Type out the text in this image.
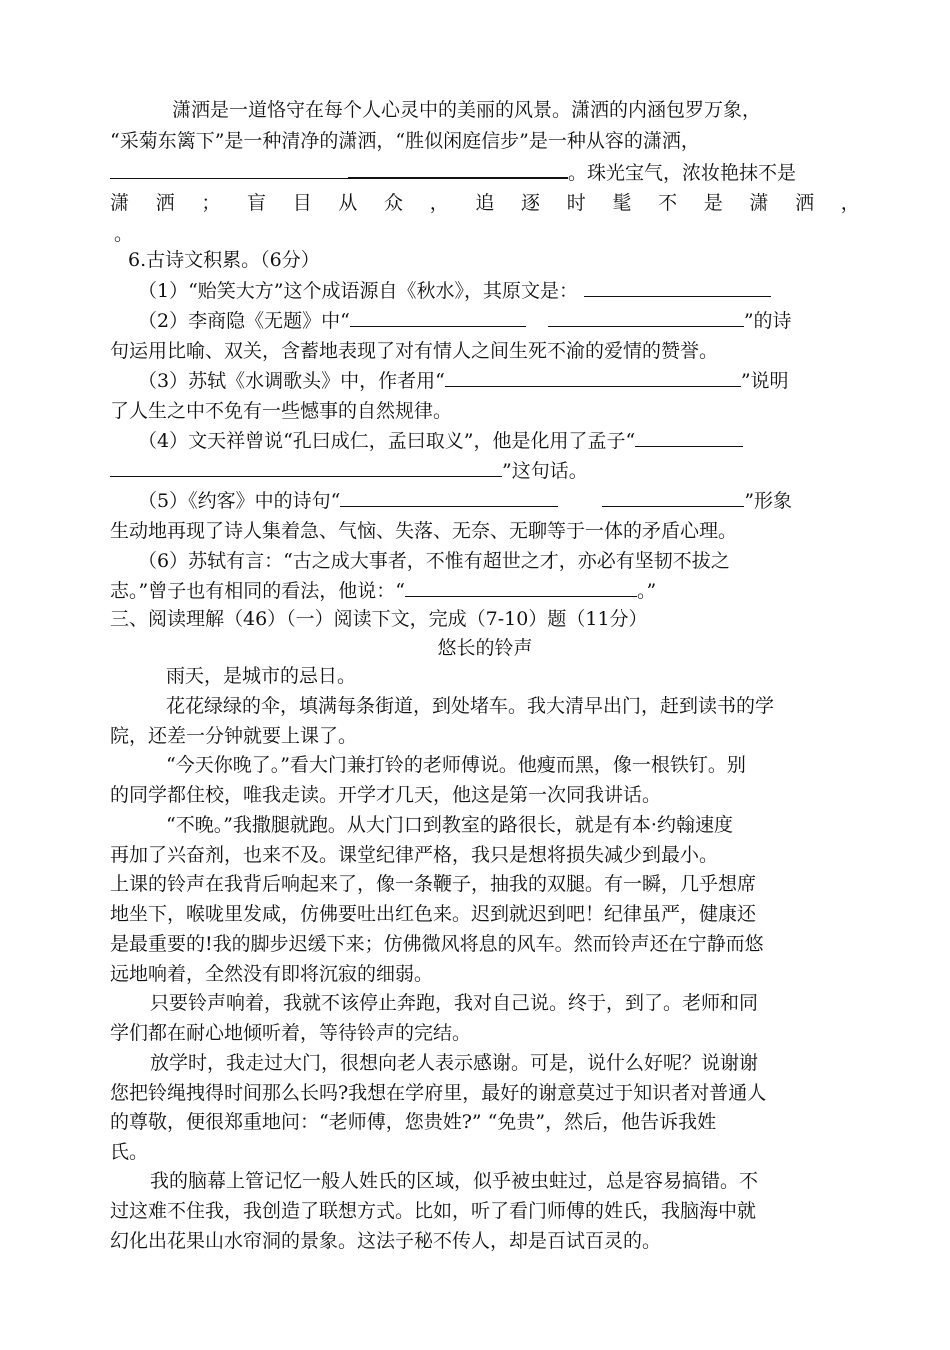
潇洒是一道恪守在每个人心灵中的美丽的风景。潇洒的内涵包罗万象，
“采菊东篱下”是一种清净的潇洒，“胜似闲庭信步”是一种从容的潇洒，
。珠光宝气，浓妆艳抹不是
潇 洒 ； 盲 目 从 众 ， 追 逐 时 髦 不 是 潇 洒 ，
。
6.古诗文积累。（6分）
（1）“贻笑大方”这个成语源自《秋水》，其原文是：
（2）李商隐《无题》中“	”的诗
句运用比喻、双关，含蓄地表现了对有情人之间生死不渝的爱情的赞誉。
（3）苏轼《水调歌头》中，作者用“	”说明
了人生之中不免有一些憾事的自然规律。
（4）文天祥曾说“孔曰成仁，孟曰取义”，他是化用了孟子“
”这句话。
（5）《约客》中的诗句“	”形象
生动地再现了诗人集着急、气恼、失落、无奈、无聊等于一体的矛盾心理。
（6）苏轼有言：“古之成大事者，不惟有超世之才，亦必有坚韧不拔之
志。”曾子也有相同的看法，他说：“	。”
三、阅读理解（46）（一）阅读下文，完成（7-10）题（11分）
悠长的铃声
雨天，是城市的忌日。
花花绿绿的伞，填满每条街道，到处堵车。我大清早出门，赶到读书的学
院，还差一分钟就要上课了。
“今天你晚了。”看大门兼打铃的老师傅说。他瘦而黑，像一根铁钉。别
的同学都住校，唯我走读。开学才几天，他这是第一次同我讲话。
“不晚。”我撒腿就跑。从大门口到教室的路很长，就是有本·约翰速度
再加了兴奋剂，也来不及。课堂纪律严格，我只是想将损失减少到最小。
上课的铃声在我背后响起来了，像一条鞭子，抽我的双腿。有一瞬，几乎想席
地坐下，喉咙里发咸，仿佛要吐出红色来。迟到就迟到吧！纪律虽严，健康还
是最重要的!我的脚步迟缓下来；仿佛微风将息的风车。然而铃声还在宁静而悠
远地响着，全然没有即将沉寂的细弱。
只要铃声响着，我就不该停止奔跑，我对自己说。终于，到了。老师和同
学们都在耐心地倾听着，等待铃声的完结。
放学时，我走过大门，很想向老人表示感谢。可是，说什么好呢？说谢谢
您把铃绳拽得时间那么长吗?我想在学府里，最好的谢意莫过于知识者对普通人
的尊敬，便很郑重地问：“老师傅，您贵姓?” “免贵”，然后，他告诉我姓
氏。
我的脑幕上管记忆一般人姓氏的区域，似乎被虫蛀过，总是容易搞错。不
过这难不住我，我创造了联想方式。比如，听了看门师傅的姓氏，我脑海中就
幻化出花果山水帘洞的景象。这法子秘不传人，却是百试百灵的。
